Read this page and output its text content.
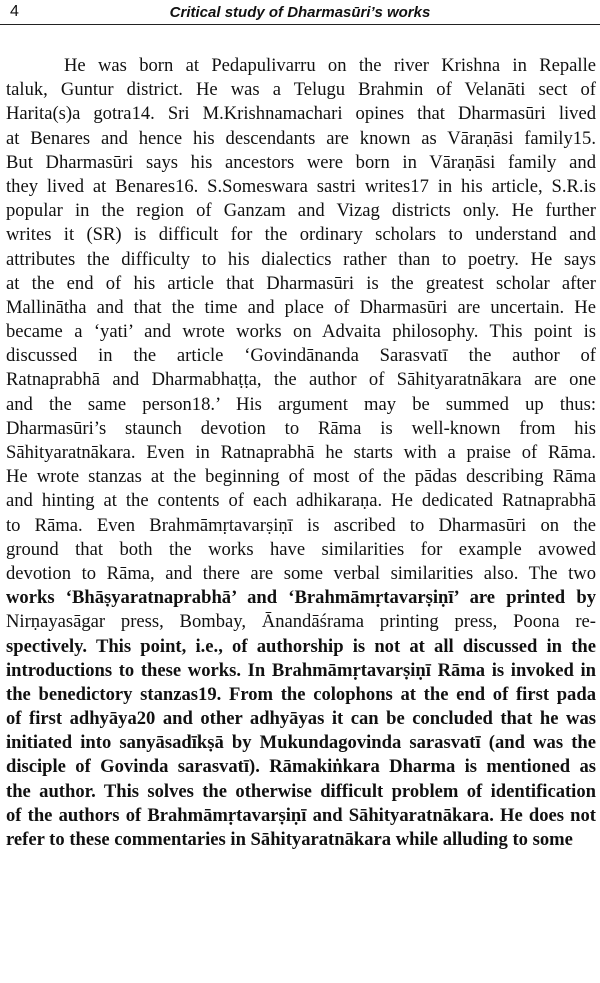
4	Critical study of Dharmasūri’s works
He was born at Pedapulivarru on the river Krishna in Repalle
taluk, Guntur district. He was a Telugu Brahmin of Velanāti sect of
Harita(s)a gotra14. Sri M.Krishnamachari opines that Dharmasūri lived
at Benares and hence his descendants are known as Vāraṇāsi family15.
But Dharmasūri says his ancestors were born in Vāraṇāsi family and
they lived at Benares16. S.Someswara sastri writes17 in his article, S.R.is
popular in the region of Ganzam and Vizag districts only. He further
writes it (SR) is difficult for the ordinary scholars to understand and
attributes the difficulty to his dialectics rather than to poetry. He says
at the end of his article that Dharmasūri is the greatest scholar after
Mallinātha and that the time and place of Dharmasūri are uncertain. He
became a ‘yati’ and wrote works on Advaita philosophy. This point is
discussed in the article ‘Govindānanda Sarasvatī the author of
Ratnaprabhā and Dharmabhaṭṭa, the author of Sāhityaratnākara are one
and the same person18.’ His argument may be summed up thus:
Dharmasūri’s staunch devotion to Rāma is well-known from his
Sāhityaratnākara. Even in Ratnaprabhā he starts with a praise of Rāma.
He wrote stanzas at the beginning of most of the pādas describing Rāma
and hinting at the contents of each adhikaraṇa. He dedicated Ratnaprabhā
to Rāma. Even Brahmāmṛtavarṣiṇī is ascribed to Dharmasūri on the
ground that both the works have similarities for example avowed
devotion to Rāma, and there are some verbal similarities also. The two
works ‘Bhāṣyaratnaprabhā’ and ‘Brahmāmṛtavarṣiṇī’ are printed by
Nirṇayasāgar press, Bombay, Ānandāśrama printing press, Poona re-
spectively. This point, i.e., of authorship is not at all discussed in the
introductions to these works. In Brahmāmṛtavarṣiṇī Rāma is invoked in
the benedictory stanzas19. From the colophons at the end of first pada
of first adhyāya20 and other adhyāyas it can be concluded that he was
initiated into sanyāsadīkṣā by Mukundagovinda sarasvatī (and was the
disciple of Govinda sarasvatī). Rāmakiṅkara Dharma is mentioned as
the author. This solves the otherwise difficult problem of identification
of the authors of Brahmāmṛtavarṣiṇī and Sāhityaratnākara. He does not
refer to these commentaries in Sāhityaratnākara while alluding to some
